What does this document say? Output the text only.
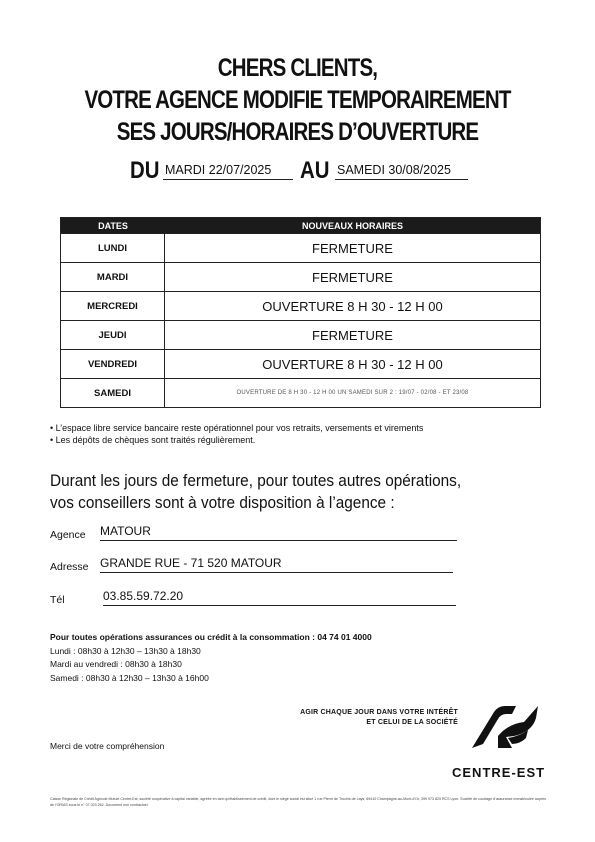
CHERS CLIENTS,
VOTRE AGENCE MODIFIE TEMPORAIREMENT
SES JOURS/HORAIRES D’OUVERTURE
DU MARDI 22/07/2025	AU SAMEDI 30/08/2025
DATES	NOUVEAUX HORAIRES
LUNDI	FERMETURE
MARDI	FERMETURE
MERCREDI	OUVERTURE 8 H 30 - 12 H 00
JEUDI	FERMETURE
VENDREDI	OUVERTURE 8 H 30 - 12 H 00
SAMEDI	OUVERTURE DE 8 H 30 - 12 H 00 UN SAMEDI SUR 2 : 19/07 - 02/08 - ET 23/08
• L’espace libre service bancaire reste opérationnel pour vos retraits, versements et virements
• Les dépôts de chèques sont traités régulièrement.
Durant les jours de fermeture, pour toutes autres opérations,
vos conseillers sont à votre disposition à l’agence :
Agence MATOUR
Adresse GRANDE RUE - 71 520 MATOUR
Tél	03.85.59.72.20
Pour toutes opérations assurances ou crédit à la consommation : 04 74 01 4000
Lundi : 08h30 à 12h30 – 13h30 à 18h30
Mardi au vendredi : 08h30 à 18h30
Samedi : 08h30 à 12h30 – 13h30 à 16h00
AGIR CHAQUE JOUR DANS VOTRE INTÉRÊT
ET CELUI DE LA SOCIÉTÉ
CENTRE-EST
Merci de votre compréhension
Caisse Régionale de Crédit Agricole Mutuel Centre-Est, société coopérative à capital variable, agréée en tant qu’établissement de crédit, dont le siège social est situé 1 rue Pierre de Truchis de Lays, 69410 Champagne-au-Mont-d’Or, 399 973 825 RCS Lyon. Société de courtage d’assurance immatriculée auprès de l’ORIAS sous le n° 07 023 262. Document non contractuel.
